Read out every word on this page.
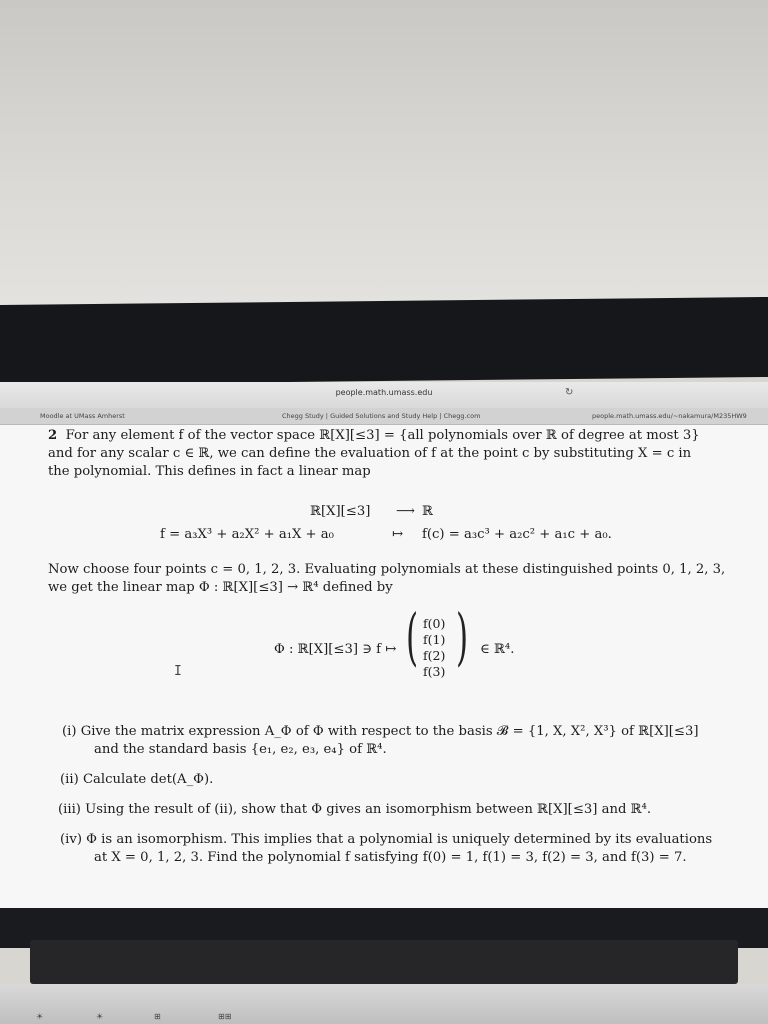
people.math.umass.edu	↻
Moodle at UMass Amherst	Chegg Study | Guided Solutions and Study Help | Chegg.com	people.math.umass.edu/~nakamura/M235HW9
2 For any element f of the vector space ℝ[X][≤3] = {all polynomials over ℝ of degree at most 3}
and for any scalar c ∈ ℝ, we can define the evaluation of f at the point c by substituting X = c in
the polynomial. This defines in fact a linear map
ℝ[X][≤3] ⟶ ℝ
f = a₃X³ + a₂X² + a₁X + a₀	↦ f(c) = a₃c³ + a₂c² + a₁c + a₀.
Now choose four points c = 0, 1, 2, 3. Evaluating polynomials at these distinguished points 0, 1, 2, 3,
we get the linear map Φ : ℝ[X][≤3] → ℝ⁴ defined by
Φ : ℝ[X][≤3] ∋ f ↦ ( f(0)
f(1)
f(2)
f(3) ) ∈ ℝ⁴.
I
(i) Give the matrix expression A_Φ of Φ with respect to the basis 𝓑 = {1, X, X², X³} of ℝ[X][≤3]
and the standard basis {e₁, e₂, e₃, e₄} of ℝ⁴.
(ii) Calculate det(A_Φ).
(iii) Using the result of (ii), show that Φ gives an isomorphism between ℝ[X][≤3] and ℝ⁴.
(iv) Φ is an isomorphism. This implies that a polynomial is uniquely determined by its evaluations
at X = 0, 1, 2, 3. Find the polynomial f satisfying f(0) = 1, f(1) = 3, f(2) = 3, and f(3) = 7.
☀	☀	⊞	⊞⊞
